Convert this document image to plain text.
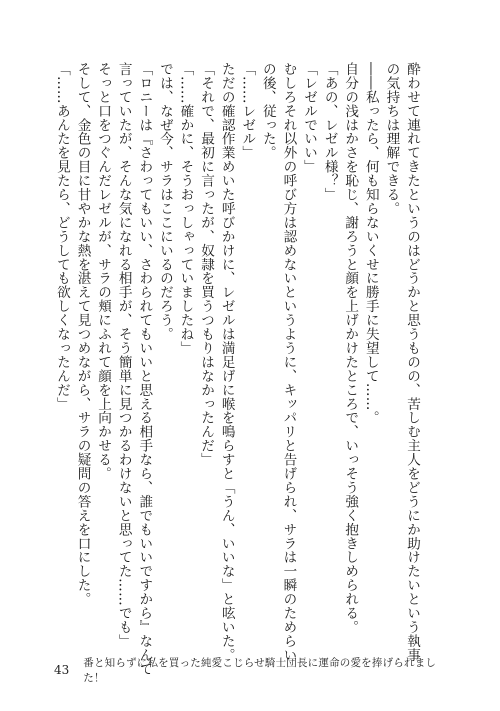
酔わせて連れてきたというのはどうかと思うものの、苦しむ主人をどうにか助けたいという執事
の気持ちは理解できる。
――私ったら、何も知らないくせに勝手に失望して……。
自分の浅はかさを恥じ、謝ろうと顔を上げかけたところで、いっそう強く抱きしめられる。
「あの、レゼル様？」
「レゼルでいい」
むしろそれ以外の呼び方は認めないというように、キッパリと告げられ、サラは一瞬のためらい
の後、従った。
「……レゼル」
ただの確認作業めいた呼びかけに、レゼルは満足げに喉を鳴らすと「うん、いいな」と呟いた。
「それで、最初に言ったが、奴隷を買うつもりはなかったんだ」
「……確かに、そうおっしゃっていましたね」
では、なぜ今、サラはここにいるのだろう。
「ロニーは『さわってもいい、さわられてもいいと思える相手なら、誰でもいいですから』なんて
言っていたが、そんな気になれる相手が、そう簡単に見つかるわけないと思ってた……でも」
そっと口をつぐんだレゼルが、サラの頬にふれて顔を上向かせる。
そして、金色の目に甘やかな熱を湛えて見つめながら、サラの疑問の答えを口にした。
「……あんたを見たら、どうしても欲しくなったんだ」
43 番と知らずに私を買った純愛こじらせ騎士団長に運命の愛を捧げられました！
